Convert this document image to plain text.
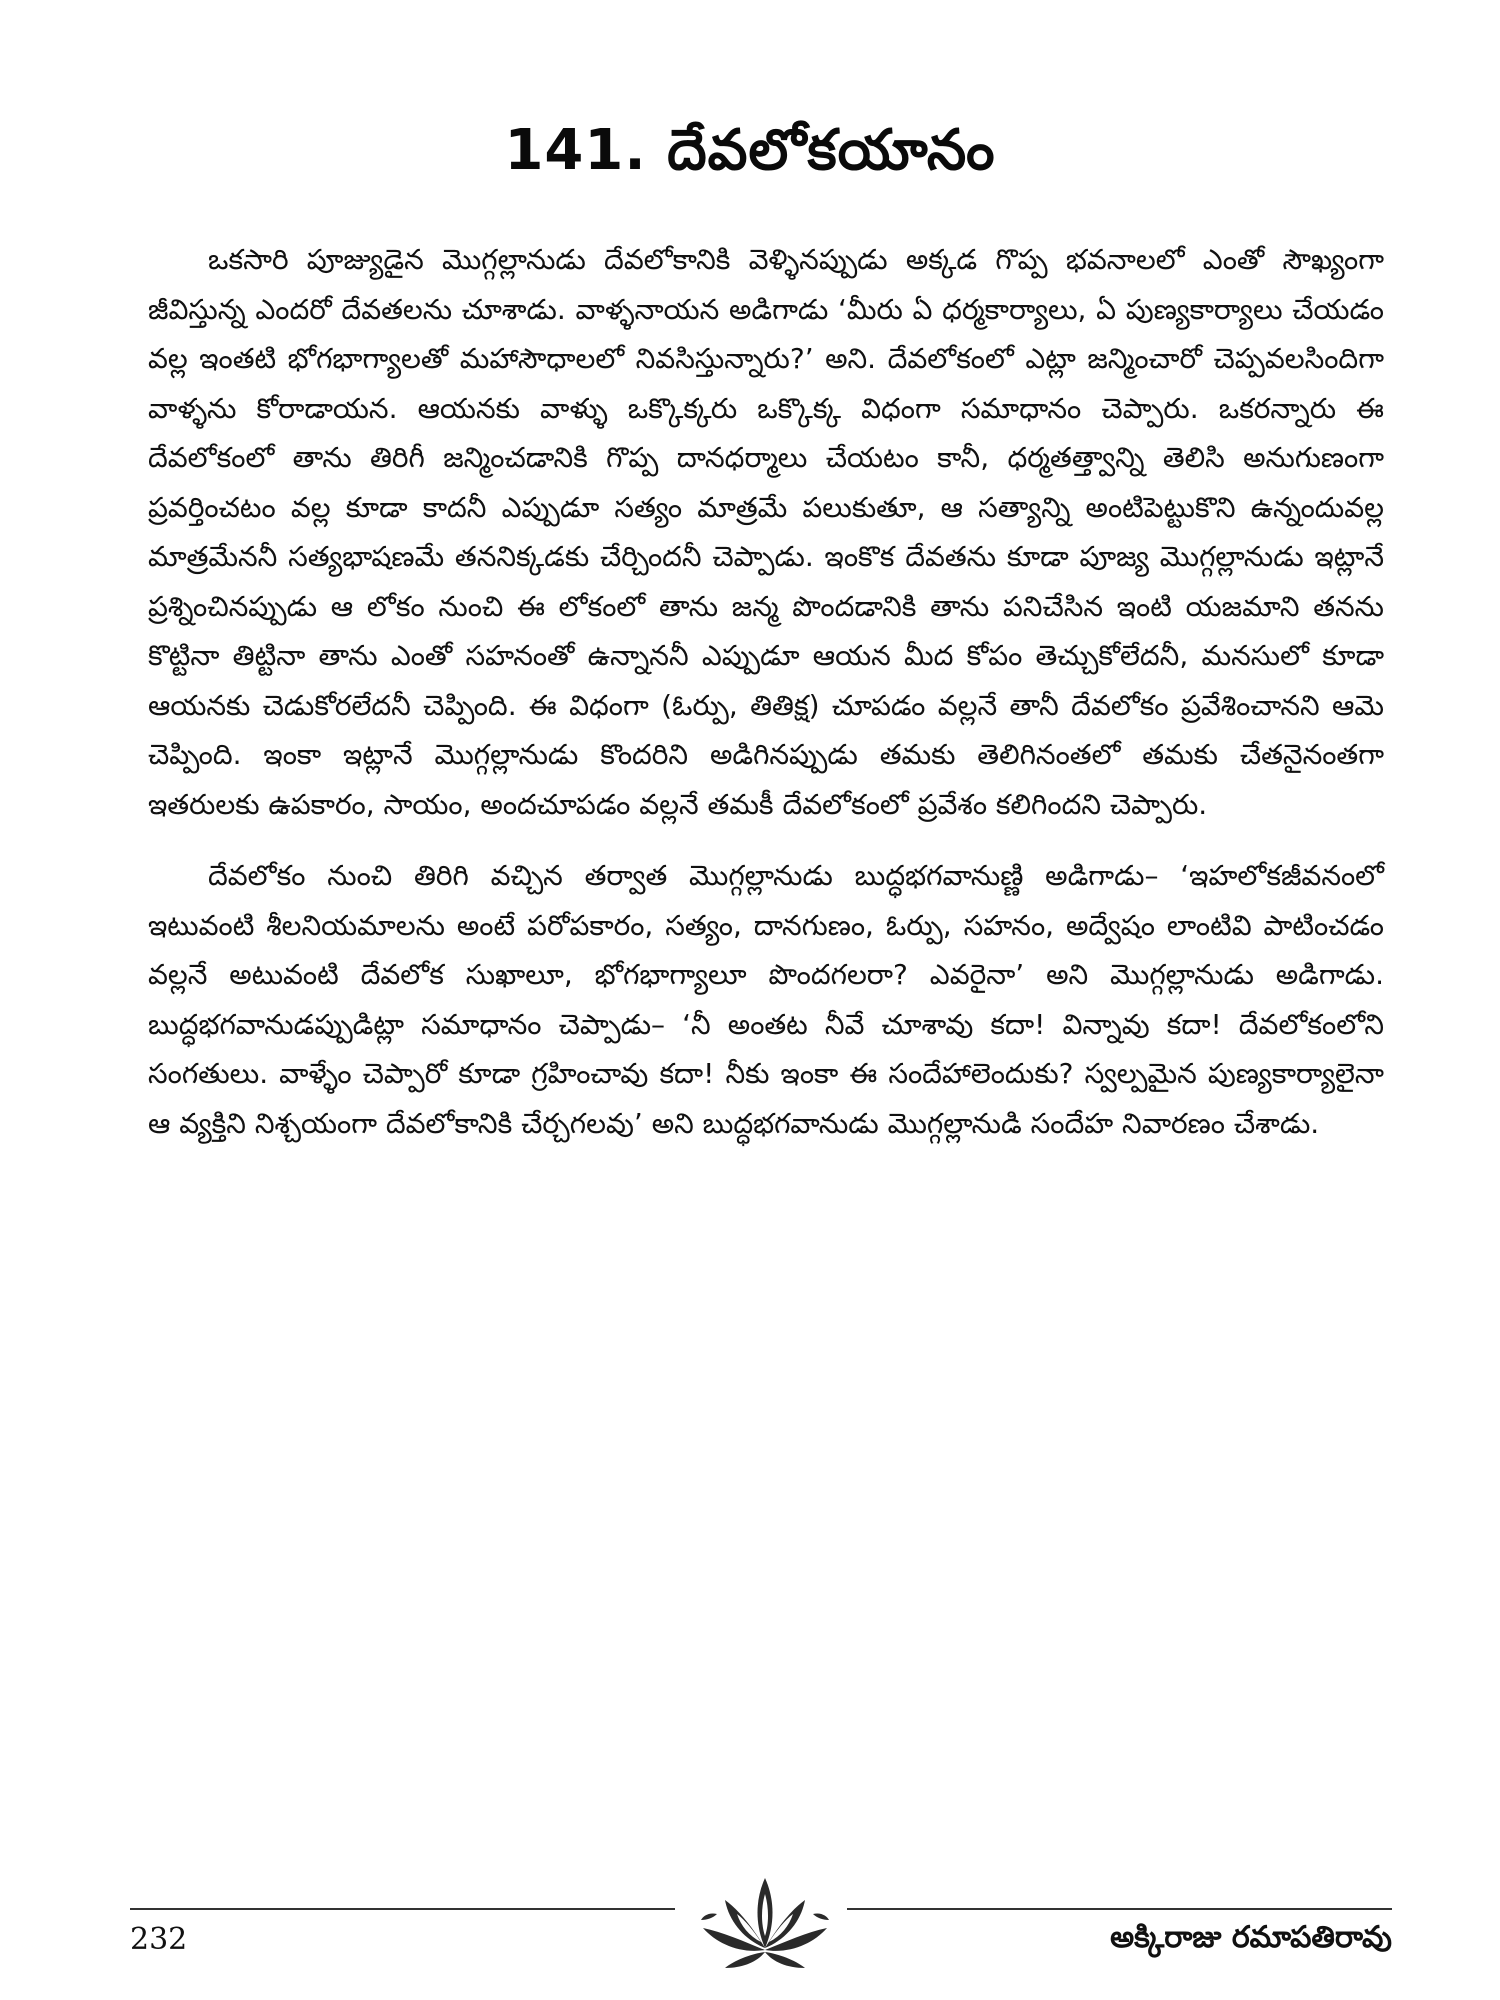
141. దేవలోకయానం

ఒకసారి పూజ్యుడైన మొగ్గల్లానుడు దేవలోకానికి వెళ్ళినప్పుడు అక్కడ గొప్ప భవనాలలో ఎంతో సౌఖ్యంగా జీవిస్తున్న ఎందరో దేవతలను చూశాడు. వాళ్ళనాయన అడిగాడు ‘మీరు ఏ ధర్మకార్యాలు, ఏ పుణ్యకార్యాలు చేయడం వల్ల ఇంతటి భోగభాగ్యాలతో మహాసౌధాలలో నివసిస్తున్నారు?’ అని. దేవలోకంలో ఎట్లా జన్మించారో చెప్పవలసిందిగా వాళ్ళను కోరాడాయన. ఆయనకు వాళ్ళు ఒక్కొక్కరు ఒక్కొక్క విధంగా సమాధానం చెప్పారు. ఒకరన్నారు ఈ దేవలోకంలో తాను తిరిగీ జన్మించడానికి గొప్ప దానధర్మాలు చేయటం కానీ, ధర్మతత్త్వాన్ని తెలిసి అనుగుణంగా ప్రవర్తించటం వల్ల కూడా కాదనీ ఎప్పుడూ సత్యం మాత్రమే పలుకుతూ, ఆ సత్యాన్ని అంటిపెట్టుకొని ఉన్నందువల్ల మాత్రమేననీ సత్యభాషణమే తననిక్కడకు చేర్చిందనీ చెప్పాడు. ఇంకొక దేవతను కూడా పూజ్య మొగ్గల్లానుడు ఇట్లానే ప్రశ్నించినప్పుడు ఆ లోకం నుంచి ఈ లోకంలో తాను జన్మ పొందడానికి తాను పనిచేసిన ఇంటి యజమాని తనను కొట్టినా తిట్టినా తాను ఎంతో సహనంతో ఉన్నాననీ ఎప్పుడూ ఆయన మీద కోపం తెచ్చుకోలేదనీ, మనసులో కూడా ఆయనకు చెడుకోరలేదనీ చెప్పింది. ఈ విధంగా (ఓర్పు, తితిక్ష) చూపడం వల్లనే తానీ దేవలోకం ప్రవేశించానని ఆమె చెప్పింది. ఇంకా ఇట్లానే మొగ్గల్లానుడు కొందరిని అడిగినప్పుడు తమకు తెలిగినంతలో తమకు చేతనైనంతగా ఇతరులకు ఉపకారం, సాయం, అందచూపడం వల్లనే తమకీ దేవలోకంలో ప్రవేశం కలిగిందని చెప్పారు.

దేవలోకం నుంచి తిరిగి వచ్చిన తర్వాత మొగ్గల్లానుడు బుద్ధభగవానుణ్ణి అడిగాడు– ‘ఇహలోకజీవనంలో ఇటువంటి శీలనియమాలను అంటే పరోపకారం, సత్యం, దానగుణం, ఓర్పు, సహనం, అద్వేషం లాంటివి పాటించడం వల్లనే అటువంటి దేవలోక సుఖాలూ, భోగభాగ్యాలూ పొందగలరా? ఎవరైనా’ అని మొగ్గల్లానుడు అడిగాడు. బుద్ధభగవానుడప్పుడిట్లా సమాధానం చెప్పాడు– ‘నీ అంతట నీవే చూశావు కదా! విన్నావు కదా! దేవలోకంలోని సంగతులు. వాళ్ళేం చెప్పారో కూడా గ్రహించావు కదా! నీకు ఇంకా ఈ సందేహాలెందుకు? స్వల్పమైన పుణ్యకార్యాలైనా ఆ వ్యక్తిని నిశ్చయంగా దేవలోకానికి చేర్చగలవు’ అని బుద్ధభగవానుడు మొగ్గల్లానుడి సందేహ నివారణం చేశాడు.

232	అక్కిరాజు రమాపతిరావు
